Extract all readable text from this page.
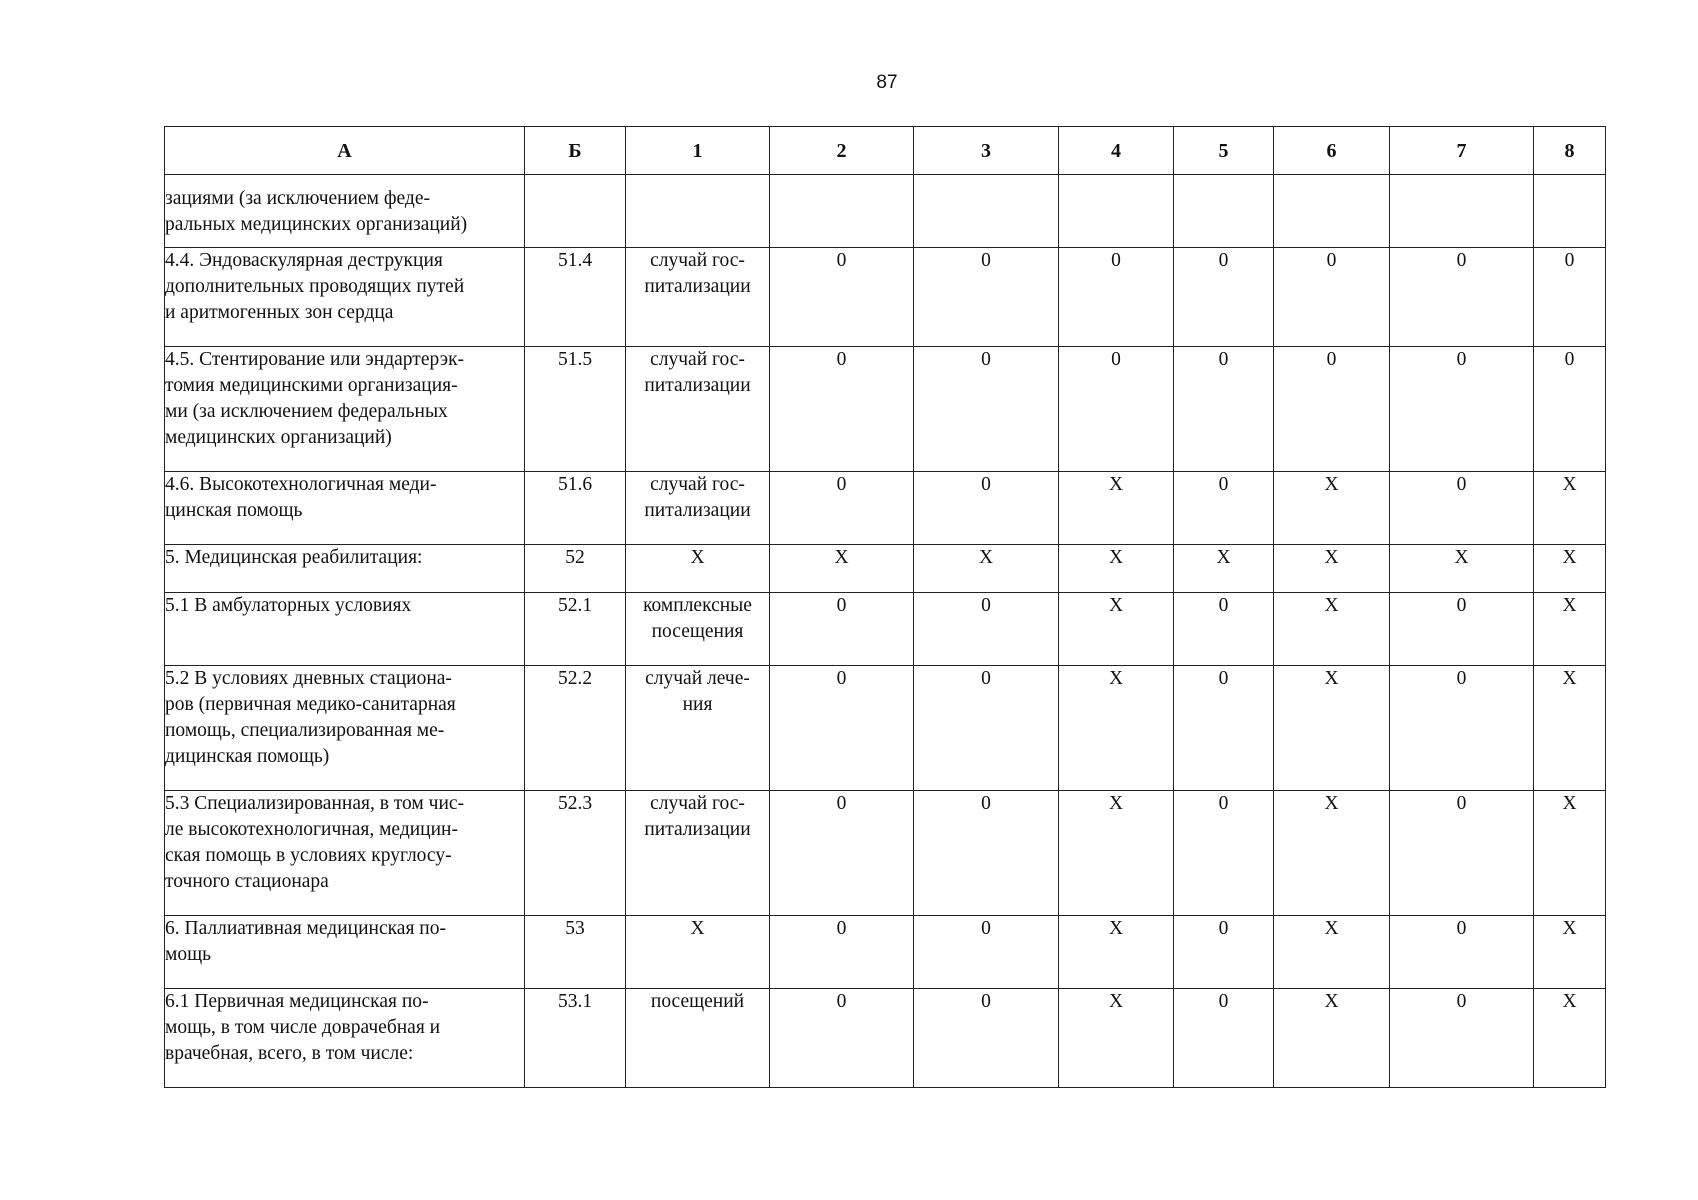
87
А	Б	1	2	3	4	5	6	7	8
зациями (за исключением феде-
ральных медицинских организаций)									
4.4. Эндоваскулярная деструкция
дополнительных проводящих путей
и аритмогенных зон сердца	51.4	случай гос-
питализации	0	0	0	0	0	0	0
4.5. Стентирование или эндартерэк-
томия медицинскими организация-
ми (за исключением федеральных
медицинских организаций)	51.5	случай гос-
питализации	0	0	0	0	0	0	0
4.6. Высокотехнологичная меди-
цинская помощь	51.6	случай гос-
питализации	0	0	Х	0	Х	0	Х
5. Медицинская реабилитация:	52	Х	Х	Х	Х	Х	Х	Х	Х
5.1 В амбулаторных условиях	52.1	комплексные
посещения	0	0	Х	0	Х	0	Х
5.2 В условиях дневных стациона-
ров (первичная медико-санитарная
помощь, специализированная ме-
дицинская помощь)	52.2	случай лече-
ния	0	0	Х	0	Х	0	Х
5.3 Специализированная, в том чис-
ле высокотехнологичная, медицин-
ская помощь в условиях круглосу-
точного стационара	52.3	случай гос-
питализации	0	0	Х	0	Х	0	Х
6. Паллиативная медицинская по-
мощь	53	Х	0	0	Х	0	Х	0	Х
6.1 Первичная медицинская по-
мощь, в том числе доврачебная и
врачебная, всего, в том числе:	53.1	посещений	0	0	Х	0	Х	0	Х
